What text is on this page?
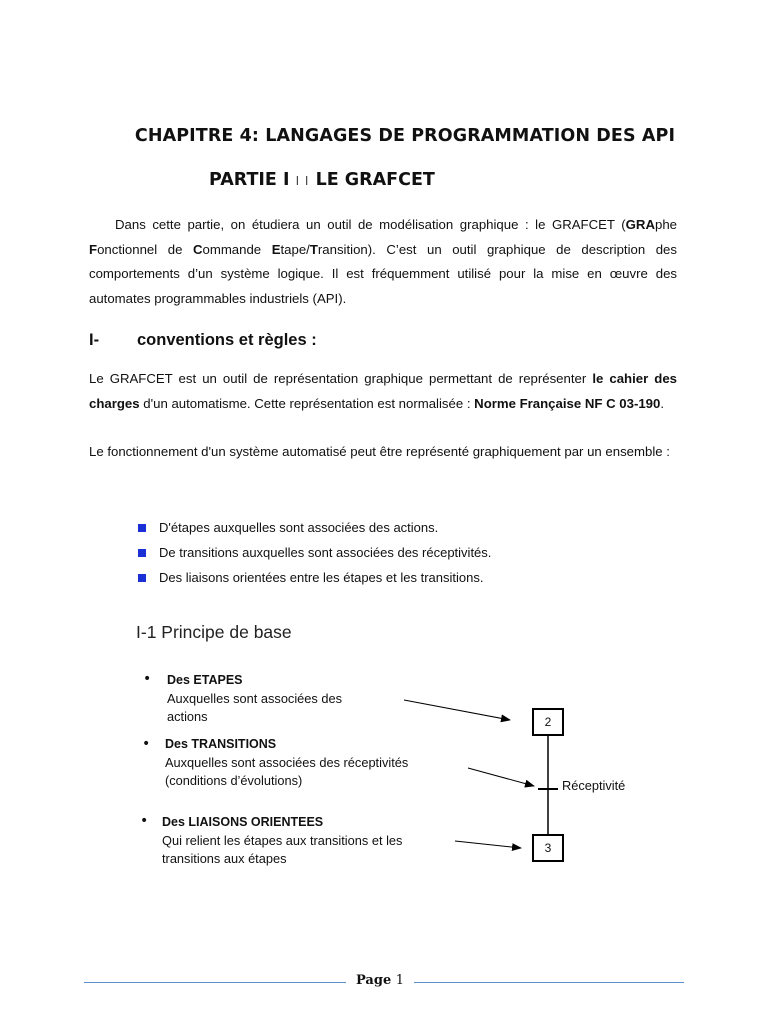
CHAPITRE 4: LANGAGES DE PROGRAMMATION DES API
PARTIE I I I LE GRAFCET
Dans cette partie, on étudiera un outil de modélisation graphique : le GRAFCET (GRAphe Fonctionnel de Commande Etape/Transition). C’est un outil graphique de description des comportements d’un système logique. Il est fréquemment utilisé pour la mise en œuvre des automates programmables industriels (API).
I- conventions et règles :
Le GRAFCET est un outil de représentation graphique permettant de représenter le cahier des charges d'un automatisme. Cette représentation est normalisée : Norme Française NF C 03-190.
Le fonctionnement d'un système automatisé peut être représenté graphiquement par un ensemble :
D'étapes auxquelles sont associées des actions.
De transitions auxquelles sont associées des réceptivités.
Des liaisons orientées entre les étapes et les transitions.
I-1 Principe de base
• Des ETAPES
Auxquelles sont associées des
actions
• Des TRANSITIONS
Auxquelles sont associées des réceptivités
(conditions d’évolutions)
• Des LIAISONS ORIENTEES
Qui relient les étapes aux transitions et les
transitions aux étapes
2
3
Réceptivité
Page 1
